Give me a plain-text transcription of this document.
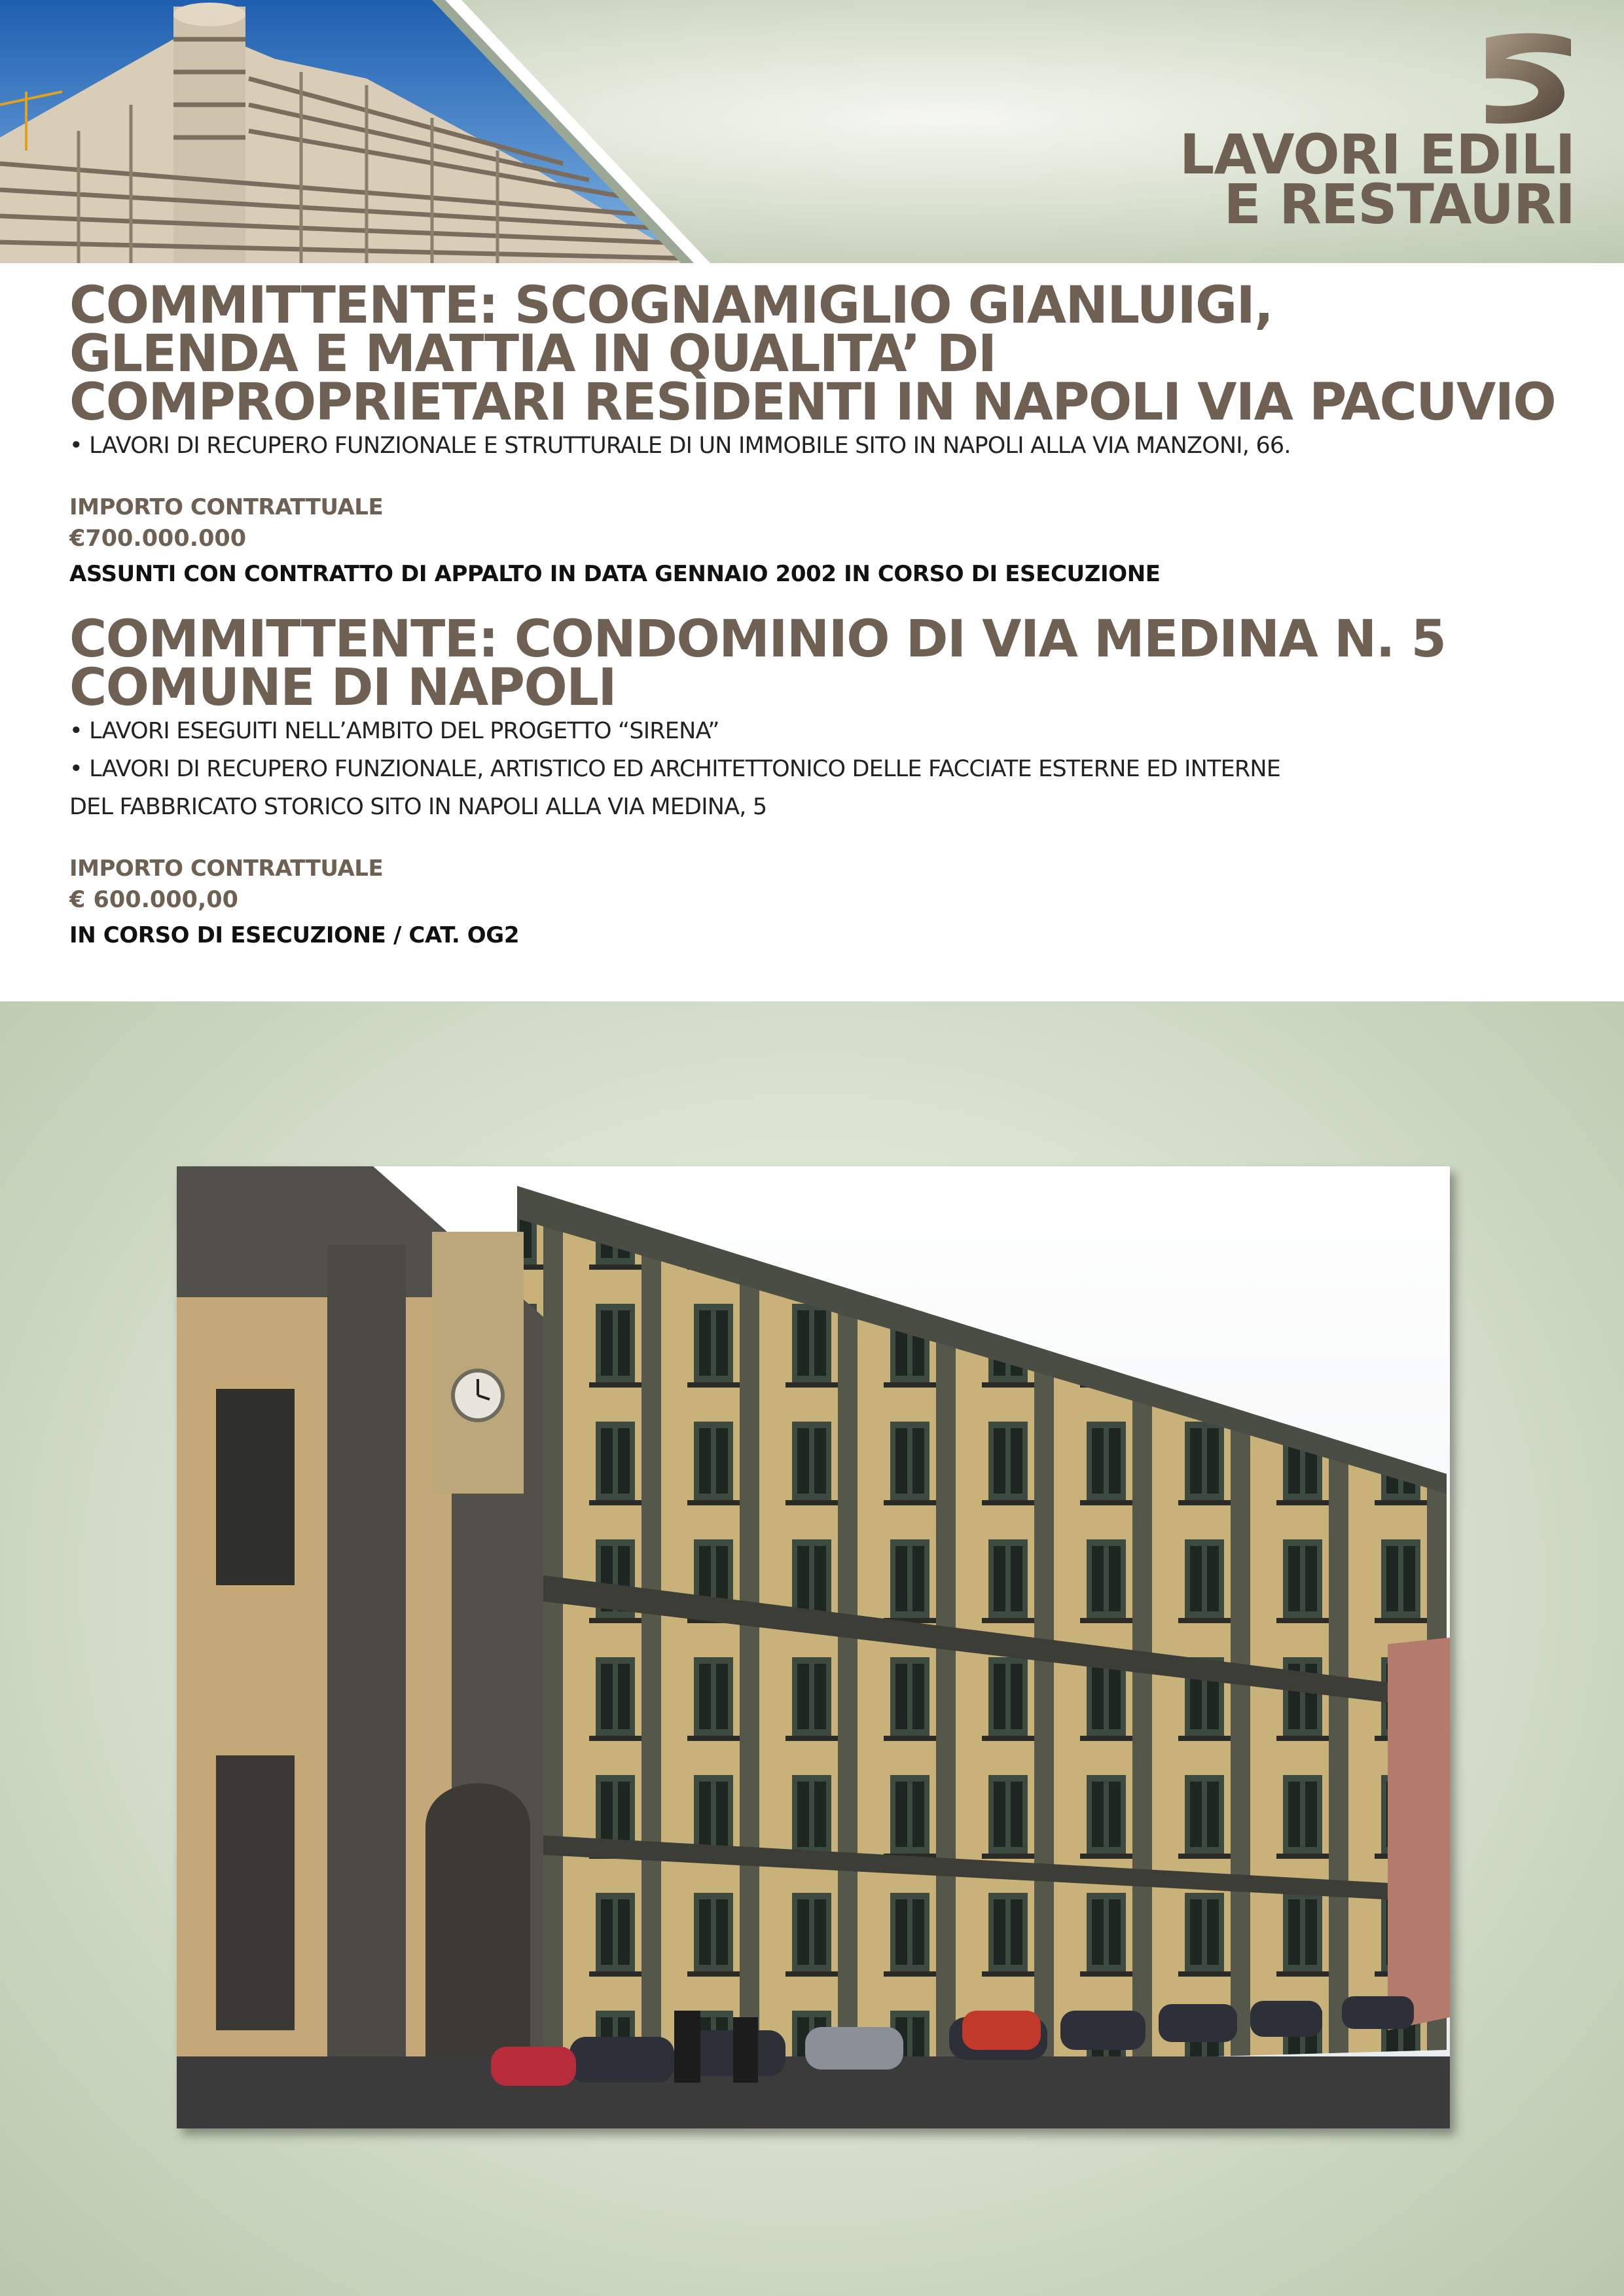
LAVORI EDILI
E RESTAURI
COMMITTENTE: SCOGNAMIGLIO GIANLUIGI,
GLENDA E MATTIA IN QUALITA’ DI
COMPROPRIETARI RESIDENTI IN NAPOLI VIA PACUVIO
• LAVORI DI RECUPERO FUNZIONALE E STRUTTURALE DI UN IMMOBILE SITO IN NAPOLI ALLA VIA MANZONI, 66.
IMPORTO CONTRATTUALE
€700.000.000
ASSUNTI CON CONTRATTO DI APPALTO IN DATA GENNAIO 2002 IN CORSO DI ESECUZIONE
COMMITTENTE: CONDOMINIO DI VIA MEDINA N. 5
COMUNE DI NAPOLI
• LAVORI ESEGUITI NELL’AMBITO DEL PROGETTO “SIRENA”
• LAVORI DI RECUPERO FUNZIONALE, ARTISTICO ED ARCHITETTONICO DELLE FACCIATE ESTERNE ED INTERNE
DEL FABBRICATO STORICO SITO IN NAPOLI ALLA VIA MEDINA, 5
IMPORTO CONTRATTUALE
€ 600.000,00
IN CORSO DI ESECUZIONE / CAT. OG2
